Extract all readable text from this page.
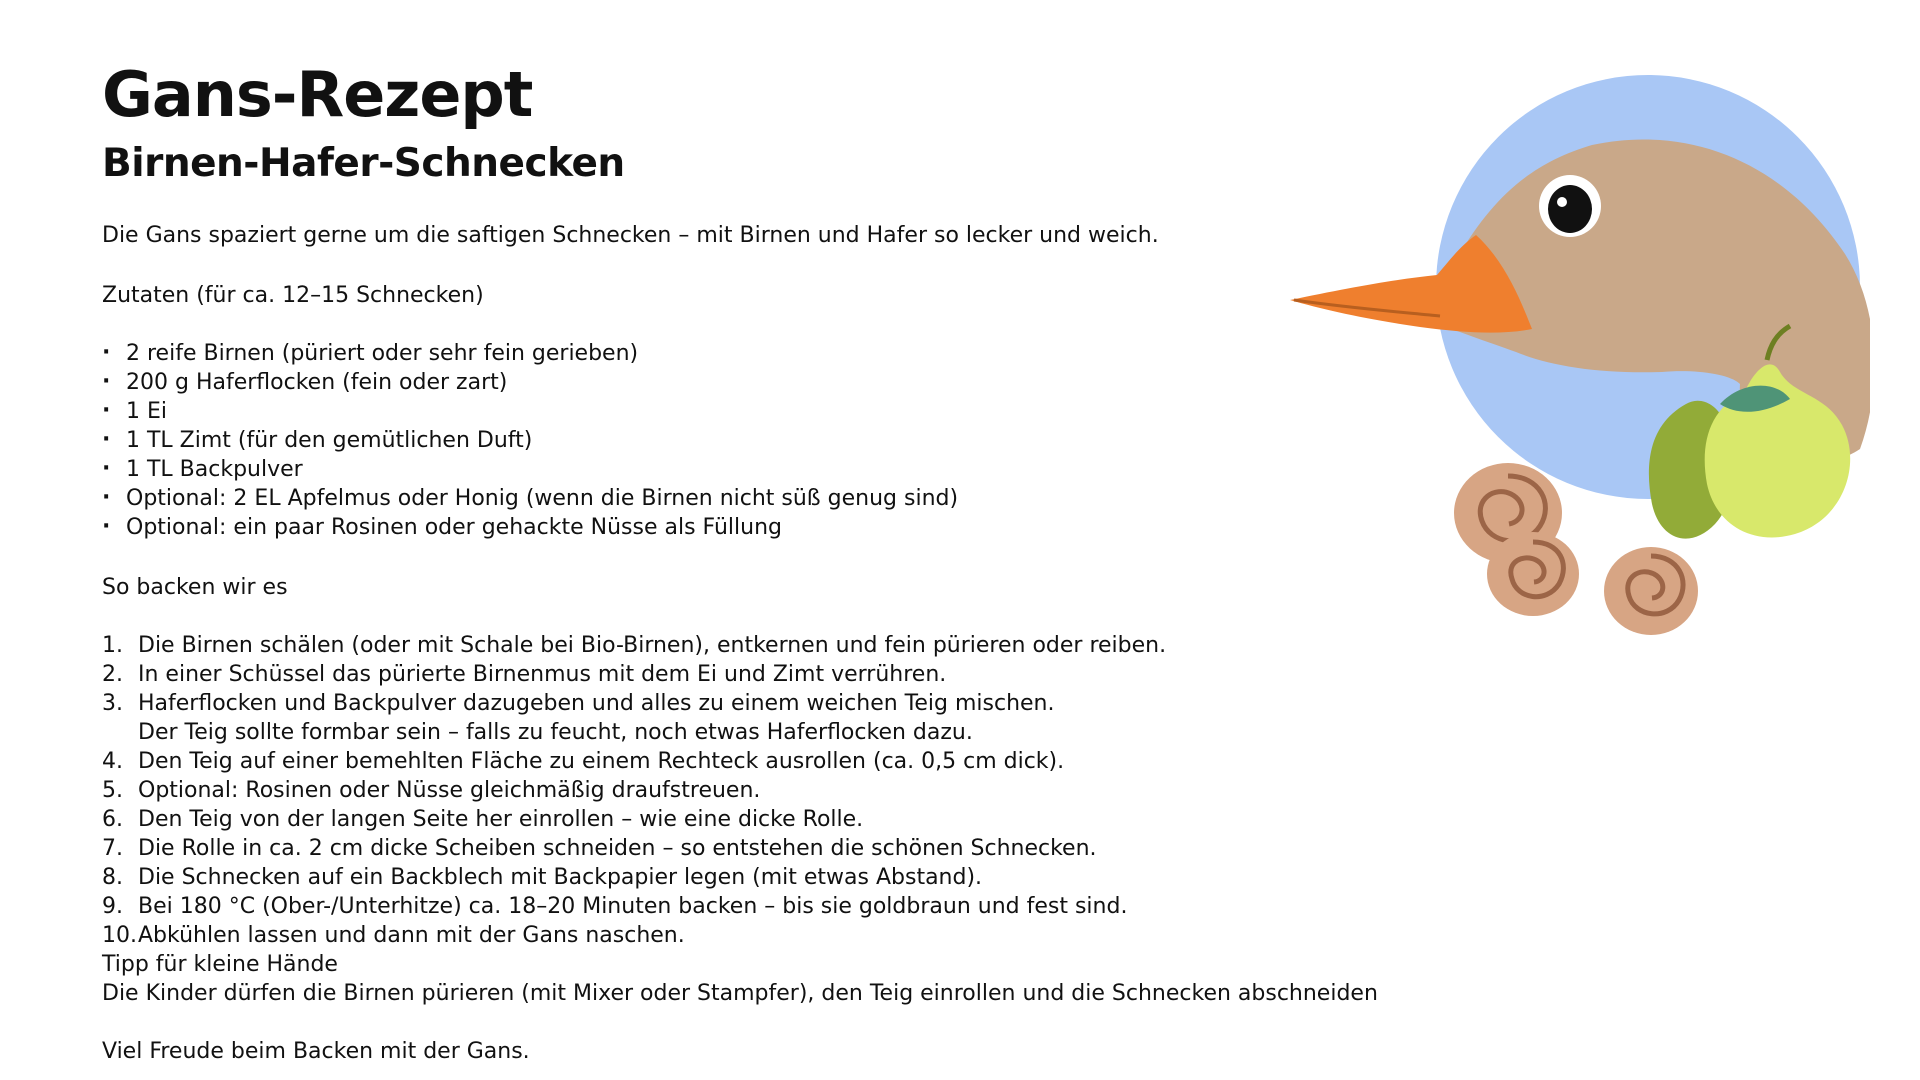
Gans-Rezept
Birnen-Hafer-Schnecken

Die Gans spaziert gerne um die saftigen Schnecken – mit Birnen und Hafer so lecker und weich.

Zutaten (für ca. 12–15 Schnecken)

· 2 reife Birnen (püriert oder sehr fein gerieben)
· 200 g Haferflocken (fein oder zart)
· 1 Ei
· 1 TL Zimt (für den gemütlichen Duft)
· 1 TL Backpulver
· Optional: 2 EL Apfelmus oder Honig (wenn die Birnen nicht süß genug sind)
· Optional: ein paar Rosinen oder gehackte Nüsse als Füllung

So backen wir es

1. Die Birnen schälen (oder mit Schale bei Bio-Birnen), entkernen und fein pürieren oder reiben.
2. In einer Schüssel das pürierte Birnenmus mit dem Ei und Zimt verrühren.
3. Haferflocken und Backpulver dazugeben und alles zu einem weichen Teig mischen.
Der Teig sollte formbar sein – falls zu feucht, noch etwas Haferflocken dazu.
4. Den Teig auf einer bemehlten Fläche zu einem Rechteck ausrollen (ca. 0,5 cm dick).
5. Optional: Rosinen oder Nüsse gleichmäßig draufstreuen.
6. Den Teig von der langen Seite her einrollen – wie eine dicke Rolle.
7. Die Rolle in ca. 2 cm dicke Scheiben schneiden – so entstehen die schönen Schnecken.
8. Die Schnecken auf ein Backblech mit Backpapier legen (mit etwas Abstand).
9. Bei 180 °C (Ober-/Unterhitze) ca. 18–20 Minuten backen – bis sie goldbraun und fest sind.
10. Abkühlen lassen und dann mit der Gans naschen.

Tipp für kleine Hände

Die Kinder dürfen die Birnen pürieren (mit Mixer oder Stampfer), den Teig einrollen und die Schnecken abschneiden

Viel Freude beim Backen mit der Gans.
